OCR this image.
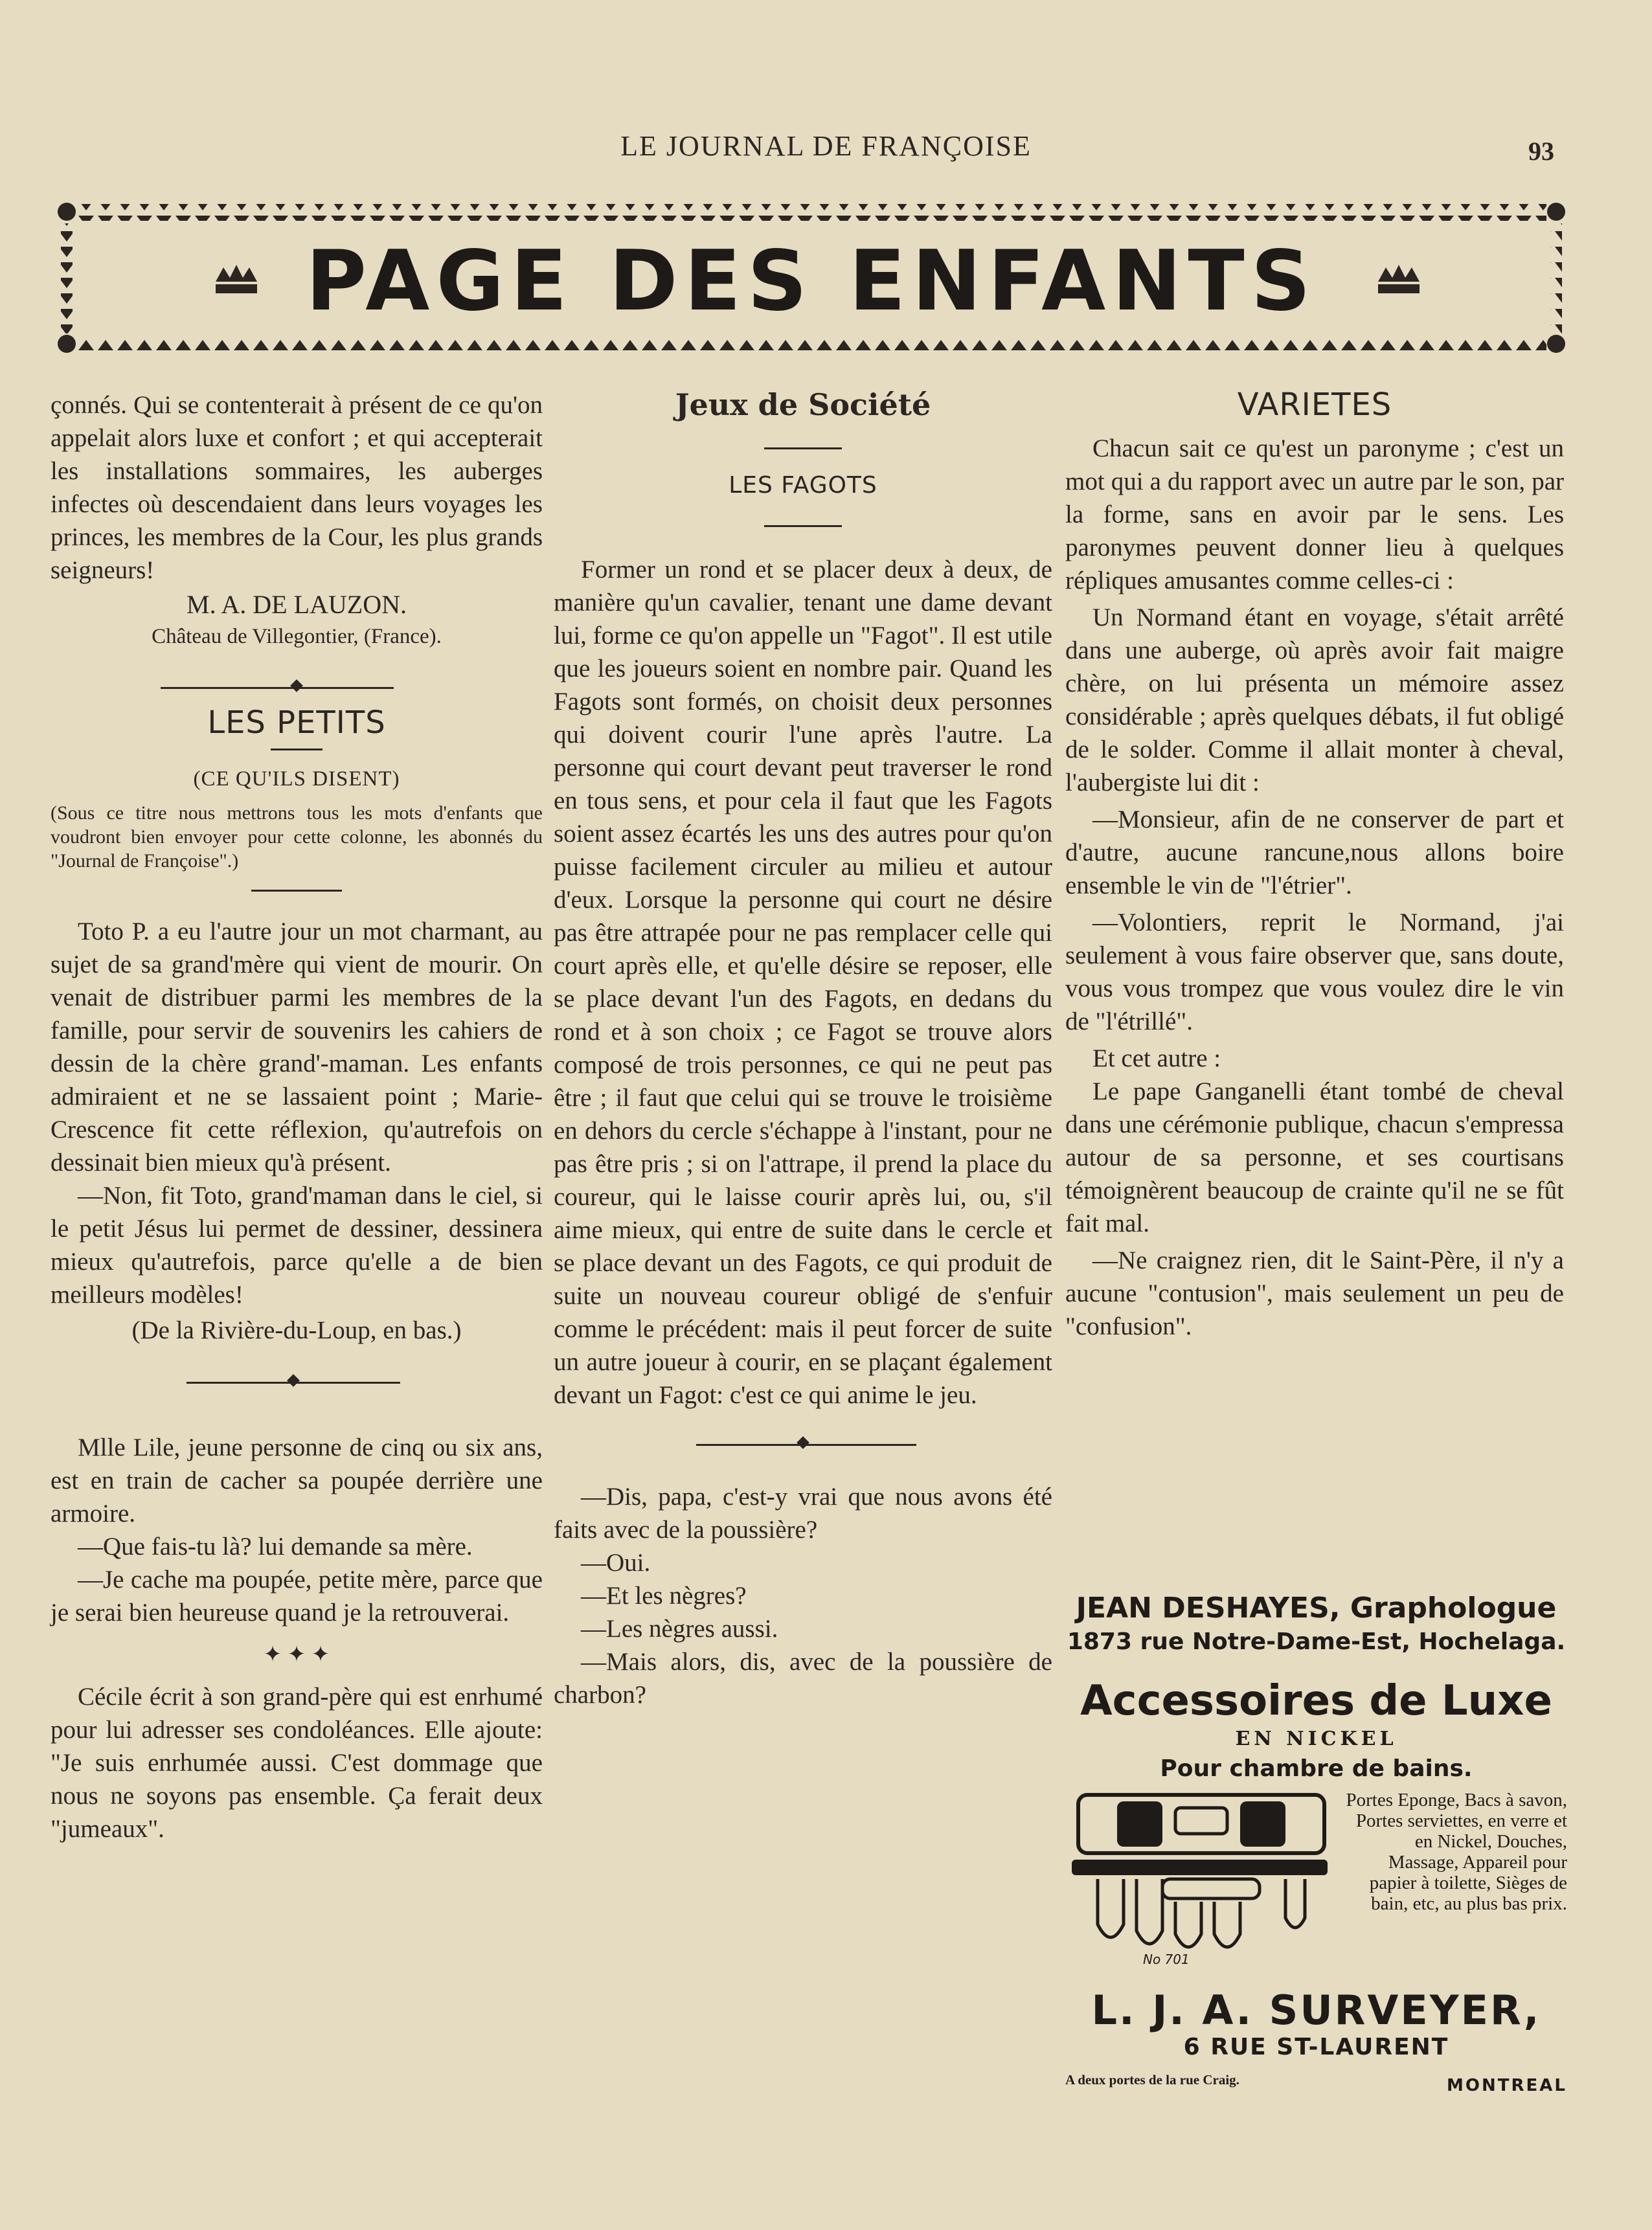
LE JOURNAL DE FRANÇOISE	93
PAGE DES ENFANTS

çonnés. Qui se contenterait à présent de ce qu'on appelait alors luxe et confort ; et qui accepterait les installations sommaires, les auberges infectes où descendaient dans leurs voyages les princes, les membres de la Cour, les plus grands seigneurs!

M. A. DE LAUZON.
Château de Villegontier, (France).
LES PETITS
(CE QU'ILS DISENT)
(Sous ce titre nous mettrons tous les mots d'enfants que voudront bien envoyer pour cette colonne, les abonnés du "Journal de Françoise".)

Toto P. a eu l'autre jour un mot charmant, au sujet de sa grand'mère qui vient de mourir. On venait de distribuer parmi les membres de la famille, pour servir de souvenirs les cahiers de dessin de la chère grand'-maman. Les enfants admiraient et ne se lassaient point ; Marie-Crescence fit cette réflexion, qu'autrefois on dessinait bien mieux qu'à présent.

—Non, fit Toto, grand'maman dans le ciel, si le petit Jésus lui permet de dessiner, dessinera mieux qu'autrefois, parce qu'elle a de bien meilleurs modèles!

(De la Rivière-du-Loup, en bas.)

Mlle Lile, jeune personne de cinq ou six ans, est en train de cacher sa poupée derrière une armoire.

—Que fais-tu là? lui demande sa mère.

—Je cache ma poupée, petite mère, parce que je serai bien heureuse quand je la retrouverai.

✦ ✦ ✦

Cécile écrit à son grand-père qui est enrhumé pour lui adresser ses condoléances. Elle ajoute: "Je suis enrhumée aussi. C'est dommage que nous ne soyons pas ensemble. Ça ferait deux "jumeaux".

Jeux de Société
LES FAGOTS

Former un rond et se placer deux à deux, de manière qu'un cavalier, tenant une dame devant lui, forme ce qu'on appelle un "Fagot". Il est utile que les joueurs soient en nombre pair. Quand les Fagots sont formés, on choisit deux personnes qui doivent courir l'une après l'autre. La personne qui court devant peut traverser le rond en tous sens, et pour cela il faut que les Fagots soient assez écartés les uns des autres pour qu'on puisse facilement circuler au milieu et autour d'eux. Lorsque la personne qui court ne désire pas être attrapée pour ne pas remplacer celle qui court après elle, et qu'elle désire se reposer, elle se place devant l'un des Fagots, en dedans du rond et à son choix ; ce Fagot se trouve alors composé de trois personnes, ce qui ne peut pas être ; il faut que celui qui se trouve le troisième en dehors du cercle s'échappe à l'instant, pour ne pas être pris ; si on l'attrape, il prend la place du coureur, qui le laisse courir après lui, ou, s'il aime mieux, qui entre de suite dans le cercle et se place devant un des Fagots, ce qui produit de suite un nouveau coureur obligé de s'enfuir comme le précédent: mais il peut forcer de suite un autre joueur à courir, en se plaçant également devant un Fagot: c'est ce qui anime le jeu.

—Dis, papa, c'est-y vrai que nous avons été faits avec de la poussière?

—Oui.

—Et les nègres?

—Les nègres aussi.

—Mais alors, dis, avec de la poussière de charbon?

VARIETES

Chacun sait ce qu'est un paronyme ; c'est un mot qui a du rapport avec un autre par le son, par la forme, sans en avoir par le sens. Les paronymes peuvent donner lieu à quelques répliques amusantes comme celles-ci :

Un Normand étant en voyage, s'était arrêté dans une auberge, où après avoir fait maigre chère, on lui présenta un mémoire assez considérable ; après quelques débats, il fut obligé de le solder. Comme il allait monter à cheval, l'aubergiste lui dit :

—Monsieur, afin de ne conserver de part et d'autre, aucune rancune,nous allons boire ensemble le vin de "l'étrier".

—Volontiers, reprit le Normand, j'ai seulement à vous faire observer que, sans doute, vous vous trompez que vous voulez dire le vin de "l'étrillé".

Et cet autre :

Le pape Ganganelli étant tombé de cheval dans une cérémonie publique, chacun s'empressa autour de sa personne, et ses courtisans témoignèrent beaucoup de crainte qu'il ne se fût fait mal.

—Ne craignez rien, dit le Saint-Père, il n'y a aucune "contusion", mais seulement un peu de "confusion".

JEAN DESHAYES, Graphologue
1873 rue Notre-Dame-Est, Hochelaga.
Accessoires de Luxe
EN NICKEL
Pour chambre de bains.
No 701
Portes Eponge, Bacs à savon, Portes serviettes, en verre et en Nickel, Douches, Massage, Appareil pour papier à toilette, Sièges de bain, etc, au plus bas prix.
L. J. A. SURVEYER,
6 RUE ST-LAURENT
A deux portes de la rue Craig.	MONTREAL
